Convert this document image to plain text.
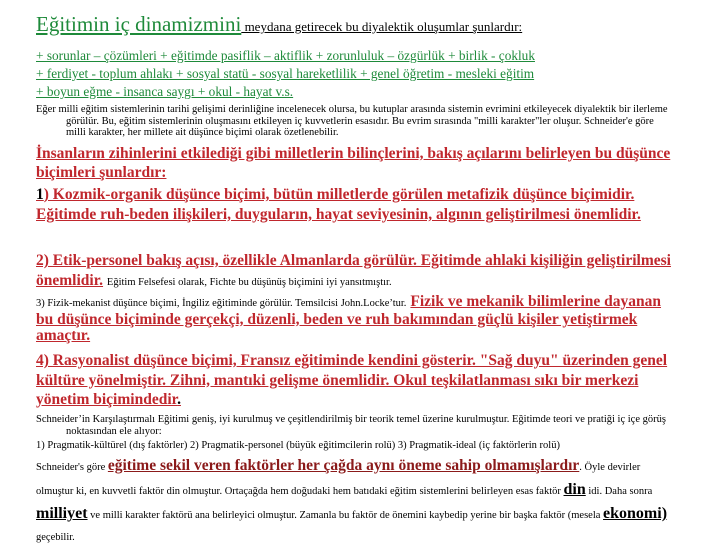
Eğitimin iç dinamizmini meydana getirecek bu diyalektik oluşumlar şunlardır:

+ sorunlar – çözümleri + eğitimde pasiflik – aktiflik + zorunluluk – özgürlük + birlik - çokluk

+ ferdiyet - toplum ahlakı + sosyal statü - sosyal hareketlilik + genel öğretim - mesleki eğitim

+ boyun eğme - insanca saygı + okul - hayat v.s.

Eğer milli eğitim sistemlerinin tarihi gelişimi derinliğine incelenecek olursa, bu kutuplar arasında sistemin evrimini etkileyecek diyalektik bir ilerleme görülür. Bu, eğitim sistemlerinin oluşmasını etkileyen iç kuvvetlerin esasıdır. Bu evrim sırasında "milli karakter"ler oluşur. Schneider'e göre milli karakter, her millete ait düşünce biçimi olarak özetlenebilir.

İnsanların zihinlerini etkilediği gibi milletlerin bilinçlerini, bakış açılarını belirleyen bu düşünce biçimleri şunlardır:
1) Kozmik-organik düşünce biçimi, bütün milletlerde görülen metafizik düşünce biçimidir. Eğitimde ruh-beden ilişkileri, duyguların, hayat seviyesinin, algının geliştirilmesi önemlidir.
2) Etik-personel bakış açısı, özellikle Almanlarda görülür. Eğitimde ahlaki kişiliğin geliştirilmesi önemlidir. Eğitim Felsefesi olarak, Fichte bu düşünüş biçimini iyi yansıtmıştır.
3) Fizik-mekanist düşünce biçimi, İngiliz eğitiminde görülür. Temsilcisi John.Locke’tur. Fizik ve mekanik bilimlerine dayanan bu düşünce biçiminde gerçekçi, düzenli, beden ve ruh bakımından güçlü kişiler yetiştirmek amaçtır.
4) Rasyonalist düşünce biçimi, Fransız eğitiminde kendini gösterir. "Sağ duyu" üzerinden genel kültüre yönelmiştir. Zihni, mantıki gelişme önemlidir. Okul teşkilatlanması sıkı bir merkezi yönetim biçimindedir.

Schneider’in Karşılaştırmalı Eğitimi geniş, iyi kurulmuş ve çeşitlendirilmiş bir teorik temel üzerine kurulmuştur. Eğitimde teori ve pratiği iç içe görüş noktasından ele alıyor:

1) Pragmatik-kültürel (dış faktörler) 2) Pragmatik-personel (büyük eğitimcilerin rolü) 3) Pragmatik-ideal (iç faktörlerin rolü)
Schneider's göre eğitime sekil veren faktörler her çağda aynı öneme sahip olmamışlardır. Öyle devirler olmuştur ki, en kuvvetli faktör din olmuştur. Ortaçağda hem doğudaki hem batıdaki eğitim sistemlerini belirleyen esas faktör din idi. Daha sonra milliyet ve milli karakter faktörü ana belirleyici olmuştur. Zamanla bu faktör de önemini kaybedip yerine bir başka faktör (mesela ekonomi) geçebilir.
